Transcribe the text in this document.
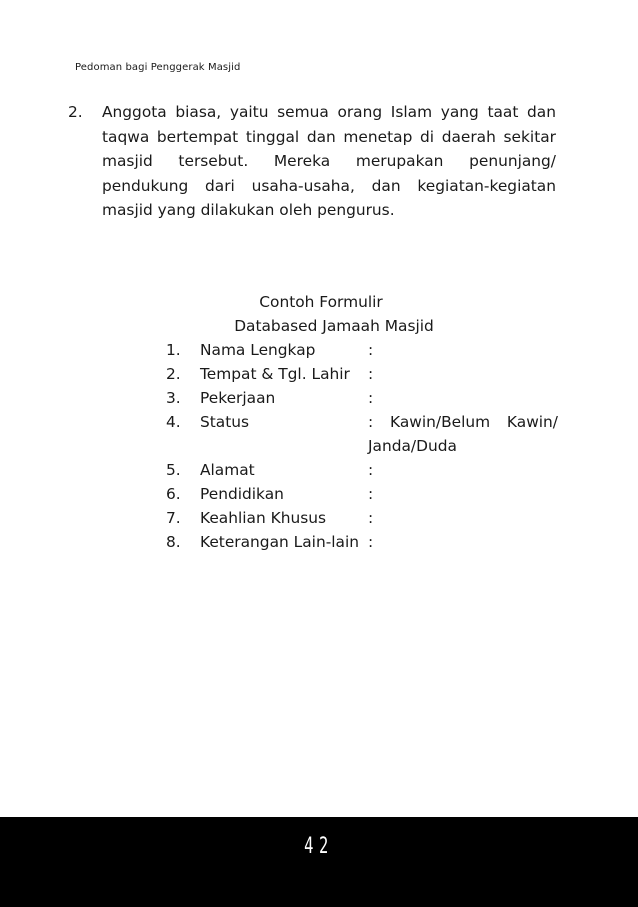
Pedoman bagi Penggerak Masjid
2. Anggota biasa, yaitu semua orang Islam yang taat dan taqwa bertempat tinggal dan menetap di daerah sekitar masjid tersebut. Mereka merupakan penunjang/ pendukung dari usaha-usaha, dan kegiatan-kegiatan masjid yang dilakukan oleh pengurus.
Contoh Formulir
Databased Jamaah Masjid
1.	Nama Lengkap	:
2.	Tempat & Tgl. Lahir	:
3.	Pekerjaan	:
4.	Status	: Kawin/Belum Kawin/ Janda/Duda
5.	Alamat	:
6.	Pendidikan	:
7.	Keahlian Khusus	:
8.	Keterangan Lain-lain :
42
